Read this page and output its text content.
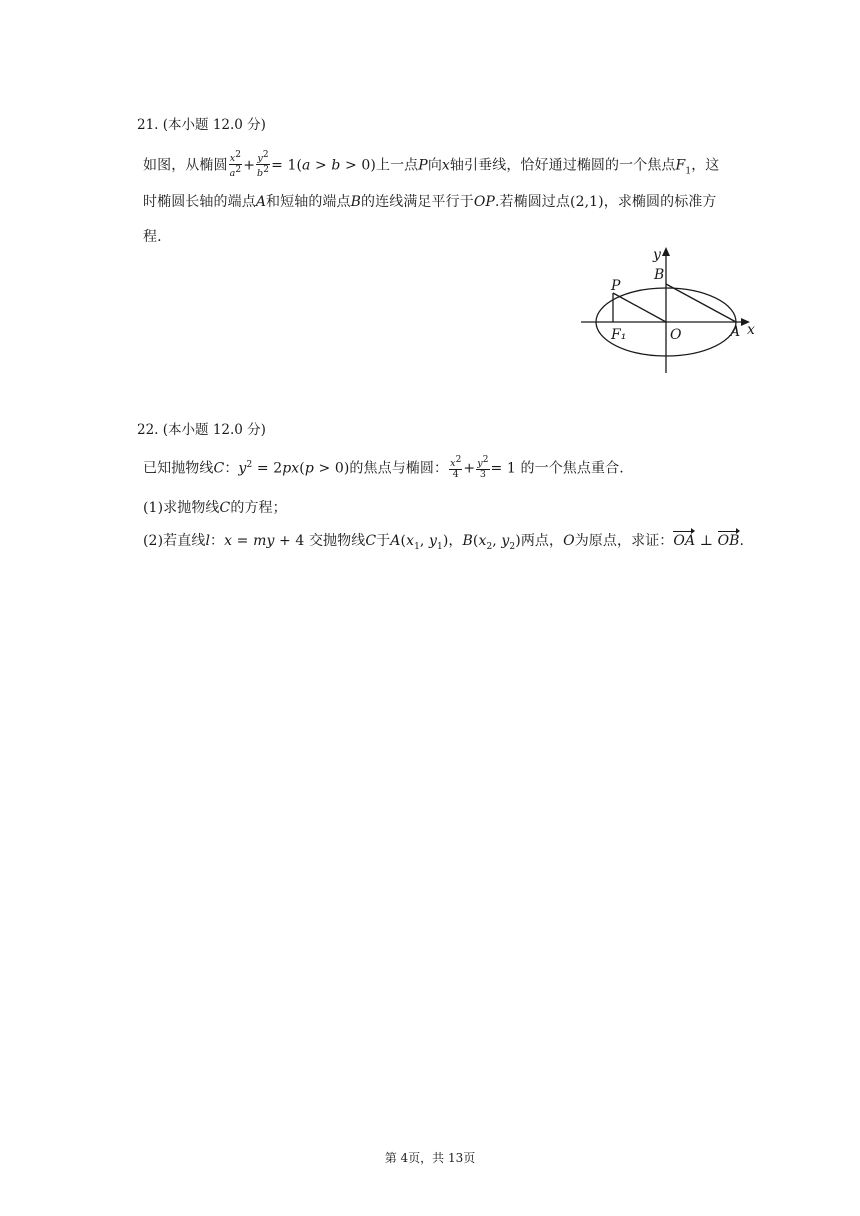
21. (本小题 12.0 分)
如图，从椭圆 $\frac{x^2}{a^2} + \frac{y^2}{b^2} = 1(a > b > 0)$上一点P向x轴引垂线，恰好通过椭圆的一个焦点$F_1$，这
时椭圆长轴的端点A和短轴的端点B的连线满足平行于OP.若椭圆过点(2,1)，求椭圆的标准方
程.
y
B
P
F₁	O	A x
22. (本小题 12.0 分)
已知抛物线C：$y^2 = 2px(p > 0)$的焦点与椭圆： $\frac{x^2}{4} + \frac{y^2}{3} = 1$ 的一个焦点重合.
(1)求抛物线C的方程；
(2)若直线l：x = my + 4 交抛物线C于$A(x_1$, $y_1$)，$B(x_2$, $y_2$)两点，O为原点，求证：OA ⊥ OB.
第 4页，共 13页
